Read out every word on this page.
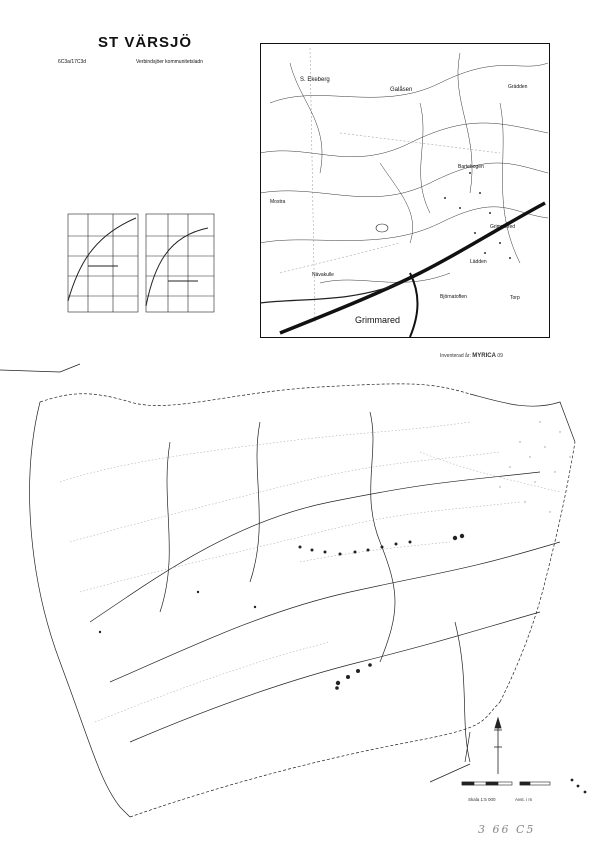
ST VÄRSJÖ
6C3a/17C3d	Verbindsjöer kommunitetsladn
Grimmared
S. Ekeberg
Galåsen
Mostra
Grädden
Bartebogen
Nävakulle
Grimmared
Lädden
Björnatoften	Torp
Inventerad år: MYRICA 09
Skala 1:5 000	Avst. i m
3 66 C5
